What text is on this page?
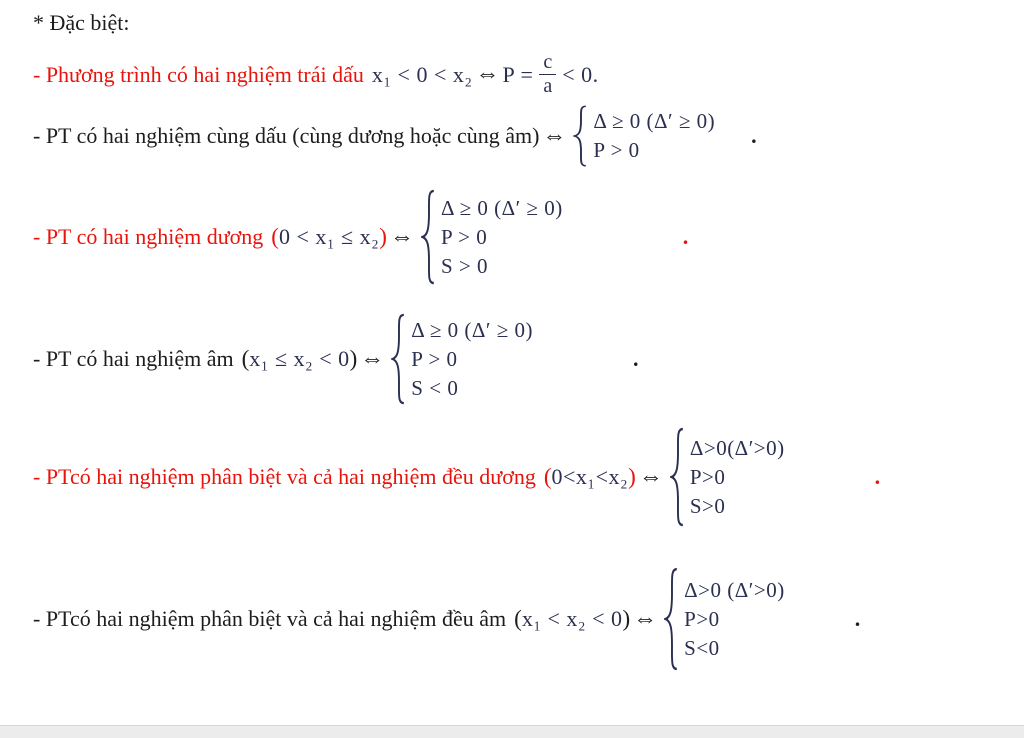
* Đặc biệt:
- Phương trình có hai nghiệm trái dấu x₁ < 0 < x₂ ⇔ $P = \frac{c}{a} < 0$.
- PT có hai nghiệm cùng dấu (cùng dương hoặc cùng âm) ⇔
Δ ≥ 0 (Δ′ ≥ 0)
P > 0
.
- PT có hai nghiệm dương ( 0 < x₁ ≤ x₂ ) ⇔
Δ ≥ 0 (Δ′ ≥ 0)
P > 0
S > 0
.
- PT có hai nghiệm âm ( x₁ ≤ x₂ < 0 ) ⇔
Δ ≥ 0 (Δ′ ≥ 0)
P > 0
S < 0
.
- PTcó hai nghiệm phân biệt và cả hai nghiệm đều dương ( 0<x₁<x₂ ) ⇔
Δ>0(Δ′>0)
P>0
S>0
.
- PTcó hai nghiệm phân biệt và cả hai nghiệm đều âm ( x₁ < x₂ < 0 ) ⇔
Δ>0 (Δ′>0)
P>0
S<0
.
